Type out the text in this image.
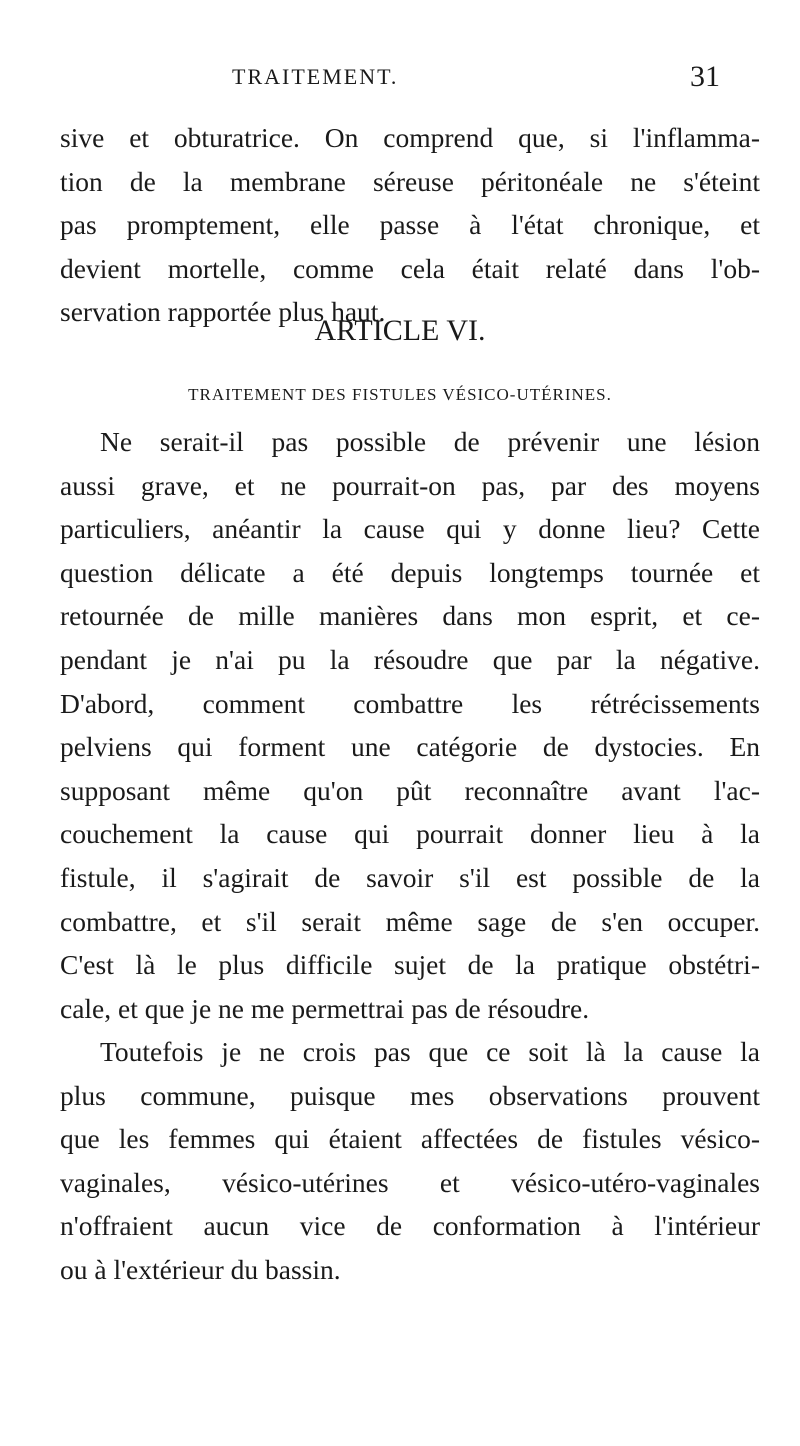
TRAITEMENT.	31
sive et obturatrice. On comprend que, si l'inflamma-
tion de la membrane séreuse péritonéale ne s'éteint
pas promptement, elle passe à l'état chronique, et
devient mortelle, comme cela était relaté dans l'ob-
servation rapportée plus haut.
ARTICLE VI.
TRAITEMENT DES FISTULES VÉSICO-UTÉRINES.
Ne serait-il pas possible de prévenir une lésion
aussi grave, et ne pourrait-on pas, par des moyens
particuliers, anéantir la cause qui y donne lieu? Cette
question délicate a été depuis longtemps tournée et
retournée de mille manières dans mon esprit, et ce-
pendant je n'ai pu la résoudre que par la négative.
D'abord, comment combattre les rétrécissements
pelviens qui forment une catégorie de dystocies. En
supposant même qu'on pût reconnaître avant l'ac-
couchement la cause qui pourrait donner lieu à la
fistule, il s'agirait de savoir s'il est possible de la
combattre, et s'il serait même sage de s'en occuper.
C'est là le plus difficile sujet de la pratique obstétri-
cale, et que je ne me permettrai pas de résoudre.
Toutefois je ne crois pas que ce soit là la cause la
plus commune, puisque mes observations prouvent
que les femmes qui étaient affectées de fistules vésico-
vaginales, vésico-utérines et vésico-utéro-vaginales
n'offraient aucun vice de conformation à l'intérieur
ou à l'extérieur du bassin.
